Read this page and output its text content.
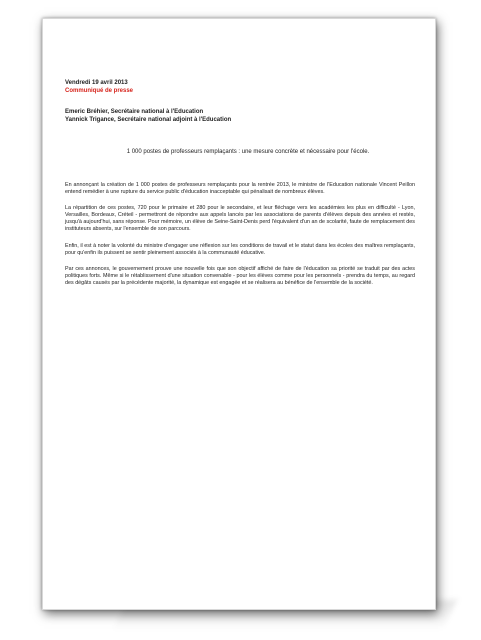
Vendredi 19 avril 2013

Communiqué de presse

Emeric Bréhier, Secrétaire national à l'Education

Yannick Trigance, Secrétaire national adjoint à l'Education

1 000 postes de professeurs remplaçants : une mesure concrète et nécessaire pour l'école.

En annonçant la création de 1 000 postes de professeurs remplaçants pour la rentrée 2013, le ministre de l'Education nationale Vincent Peillon entend remédier à une rupture du service public d'éducation inacceptable qui pénalisait de nombreux élèves.

La répartition de ces postes, 720 pour le primaire et 280 pour le secondaire, et leur fléchage vers les académies les plus en difficulté - Lyon, Versailles, Bordeaux, Créteil - permettront de répondre aux appels lancés par les associations de parents d'élèves depuis des années et restés, jusqu'à aujourd'hui, sans réponse. Pour mémoire, un élève de Seine-Saint-Denis perd l'équivalent d'un an de scolarité, faute de remplacement des instituteurs absents, sur l'ensemble de son parcours.

Enfin, il est à noter la volonté du ministre d'engager une réflexion sur les conditions de travail et le statut dans les écoles des maîtres remplaçants, pour qu'enfin ils puissent se sentir pleinement associés à la communauté éducative.

Par ces annonces, le gouvernement prouve une nouvelle fois que son objectif affiché de faire de l'éducation sa priorité se traduit par des actes politiques forts. Même si le rétablissement d'une situation convenable - pour les élèves comme pour les personnels - prendra du temps, au regard des dégâts causés par la précédente majorité, la dynamique est engagée et se réalisera au bénéfice de l'ensemble de la société.
